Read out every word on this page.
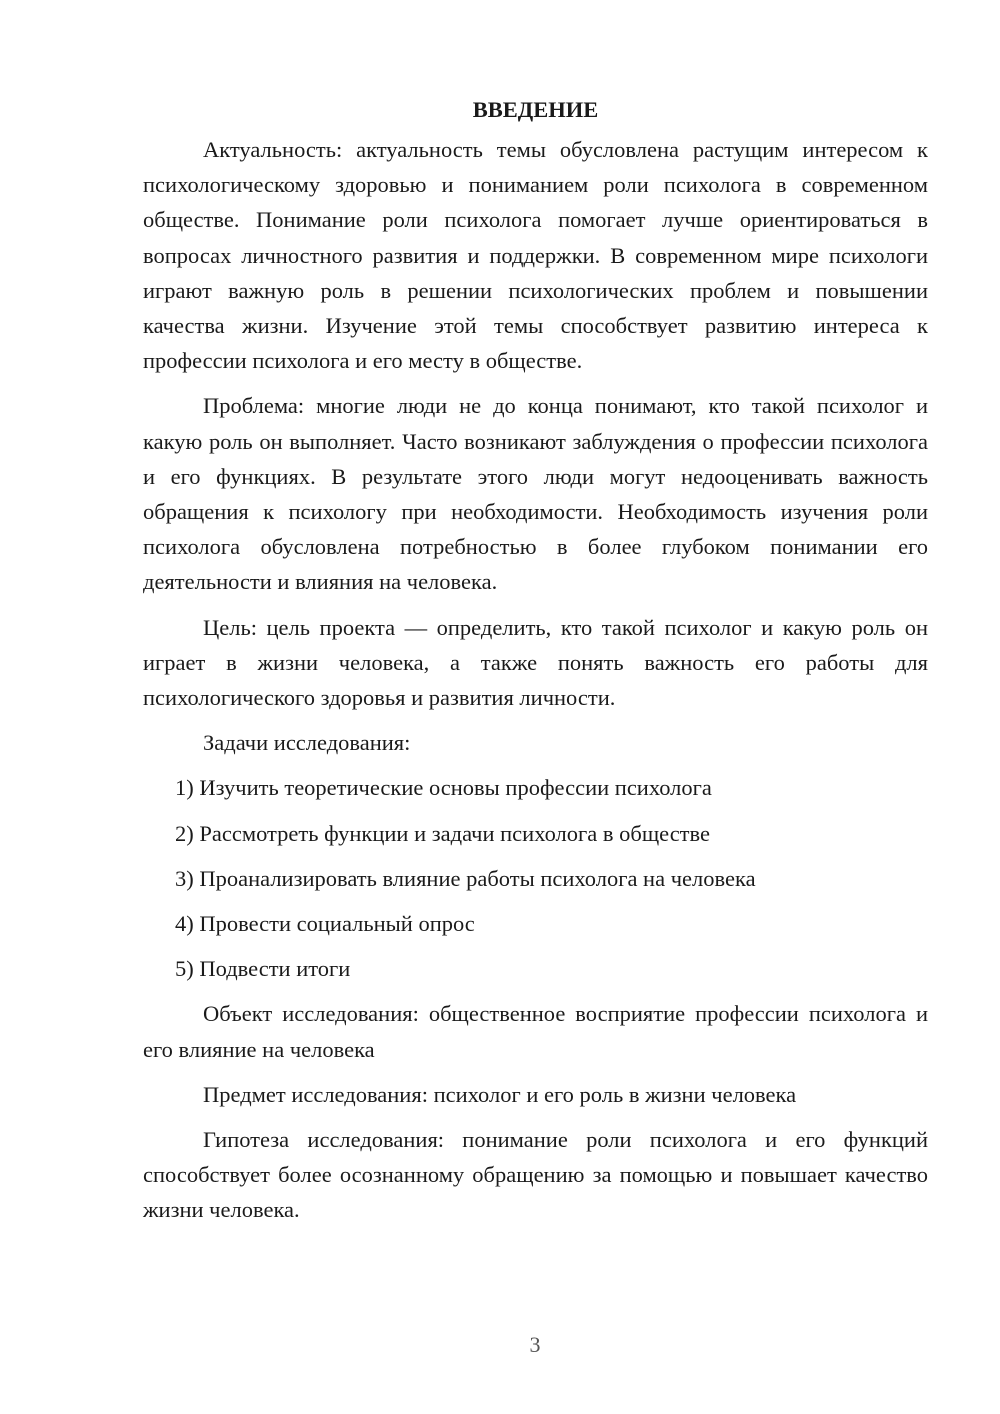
ВВЕДЕНИЕ

Актуальность: актуальность темы обусловлена растущим интересом к психологическому здоровью и пониманием роли психолога в современном обществе. Понимание роли психолога помогает лучше ориентироваться в вопросах личностного развития и поддержки. В современном мире психологи играют важную роль в решении психологических проблем и повышении качества жизни. Изучение этой темы способствует развитию интереса к профессии психолога и его месту в обществе.

Проблема: многие люди не до конца понимают, кто такой психолог и какую роль он выполняет. Часто возникают заблуждения о профессии психолога и его функциях. В результате этого люди могут недооценивать важность обращения к психологу при необходимости. Необходимость изучения роли психолога обусловлена потребностью в более глубоком понимании его деятельности и влияния на человека.

Цель: цель проекта — определить, кто такой психолог и какую роль он играет в жизни человека, а также понять важность его работы для психологического здоровья и развития личности.

Задачи исследования:
1) Изучить теоретические основы профессии психолога
2) Рассмотреть функции и задачи психолога в обществе
3) Проанализировать влияние работы психолога на человека
4) Провести социальный опрос
5) Подвести итоги

Объект исследования: общественное восприятие профессии психолога и его влияние на человека

Предмет исследования: психолог и его роль в жизни человека

Гипотеза исследования: понимание роли психолога и его функций способствует более осознанному обращению за помощью и повышает качество жизни человека.

3
